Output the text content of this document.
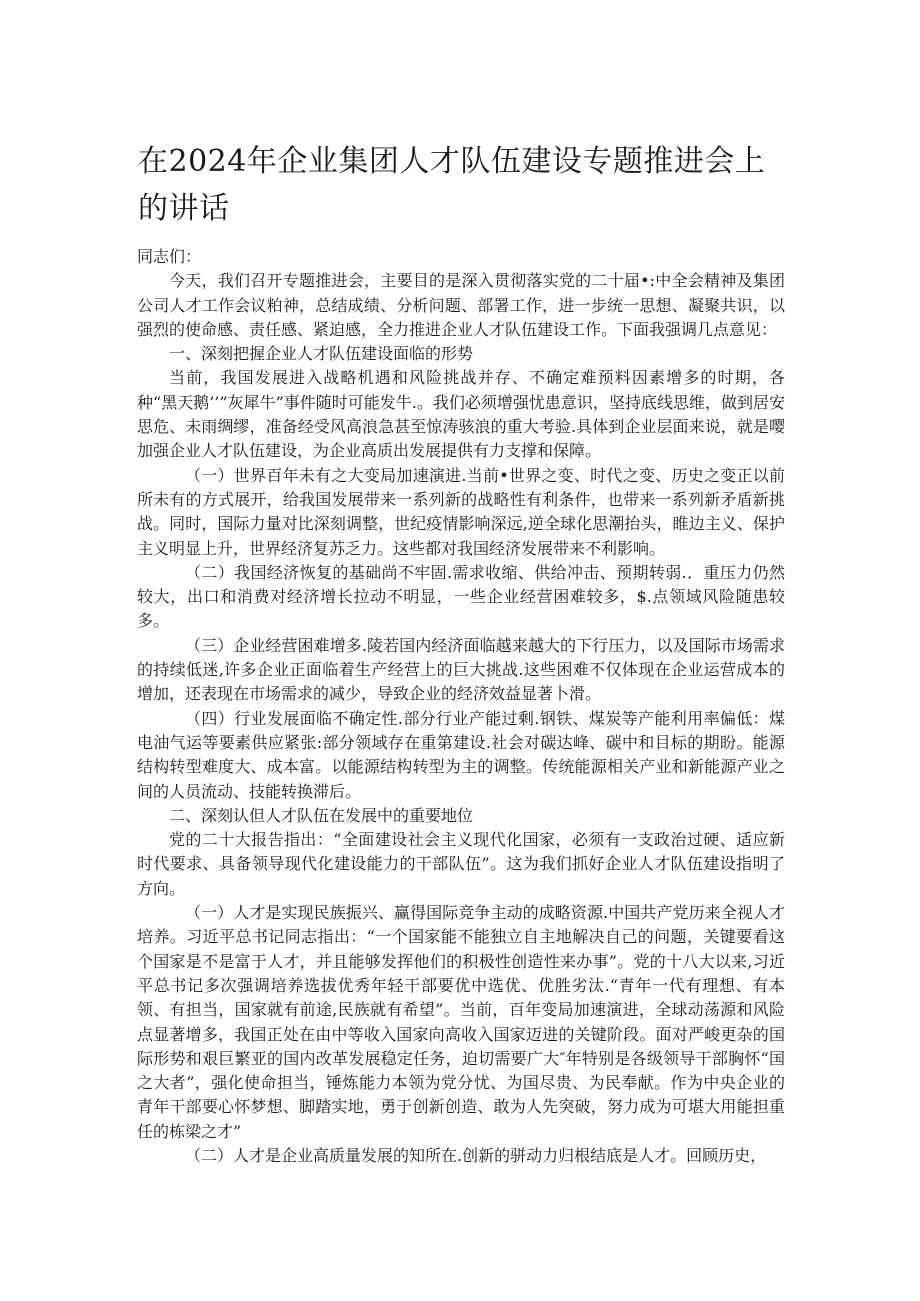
在2024年企业集团人才队伍建设专题推进会上的讲话

同志们：

今天，我们召开专题推进会，主要目的是深入贯彻落实党的二十届•:中全会精神及集团公司人才工作会议粕神，总结成绩、分析问题、部署工作，进一步统一思想、凝聚共识，以强烈的使命感、责任感、紧迫感，全力推进企业人才队伍建设工作。下面我强调几点意见：

一、深刻把握企业人才队伍建设面临的形势

当前，我国发展进入战略机遇和风险挑战并存、不确定难预料因素增多的时期，各种“黑天鹅’’”灰犀牛”事件随时可能发牛.。我们必须增强忧患意识，坚持底线思维，做到居安思危、未雨绸缪，准备经受风高浪急甚至惊涛骇浪的重大考验.具体到企业层面来说，就是嘤加强企业人才队伍建设，为企业高质出发展提供有力支撑和保障。

（一）世界百年未有之大变局加速演进.当前•世界之变、时代之变、历史之变正以前所未有的方式展开，给我国发展带来一系列新的战略性有利条件，也带来一系列新矛盾新挑战。同时，国际力量对比深刻调整，世纪疫情影响深远,逆全球化思潮抬头，睢边主义、保护主义明显上升，世界经济复苏乏力。这些都对我国经济发展带来不利影响。

（二）我国经济恢复的基础尚不牢固.需求收缩、供给冲击、预期转弱.．重压力仍然较大，出口和消费对经济增长拉动不明显，一些企业经营困难较多，$.点领域风险随患较多。

（三）企业经营困难增多.陵若国内经济面临越来越大的下行压力，以及国际市场需求的持续低迷,许多企业正面临着生产经营上的巨大挑战.这些困难不仅体现在企业运营成本的增加，还表现在市场需求的减少，导致企业的经济效益显著卜滑。

（四）行业发展面临不确定性.部分行业产能过剩.钢铁、煤炭等产能利用率偏低：煤电油气运等要素供应紧张:部分领域存在重第建设.社会对碳达峰、碳中和目标的期盼。能源结构转型难度大、成本富。以能源结构转型为主的调整。传统能源相关产业和新能源产业之间的人员流动、技能转换滞后。

二、深刻认但人才队伍在发展中的重要地位

党的二十大报告指出：“全面建设社会主义现代化国家，必须有一支政治过硬、适应新时代要求、具备领导现代化建设能力的干部队伍”。这为我们抓好企业人才队伍建设指明了方向。

（一）人才是实现民族振兴、赢得国际竞争主动的成略资源.中国共产党历来全视人才培养。习近平总书记同志指出：“一个国家能不能独立自主地解决自己的问题，关键要看这个国家是不是富于人才，并且能够发挥他们的积极性创造性来办事”。党的十八大以来,习近平总书记多次强调培养选拔优秀年轻干部要优中选优、优胜劣汰.“青年一代有理想、有本领、有担当，国家就有前途,民族就有希望”。当前，百年变局加速演进，全球动荡源和风险点显著增多，我国正处在由中等收入国家向高收入国家迈进的关键阶段。面对严峻更杂的国际形势和艰巨繁亚的国内改革发展稳定任务，迫切需要广大″年特别是各级领导干部胸怀“国之大者”，强化使命担当，锤炼能力本领为党分忧、为国尽贵、为民奉献。作为中央企业的青年干部要心怀梦想、脚踏实地，勇于创新创造、敢为人先突破，努力成为可堪大用能担重任的栋梁之才”

（二）人才是企业高质量发展的知所在.创新的骈动力归根结底是人才。回顾历史，
